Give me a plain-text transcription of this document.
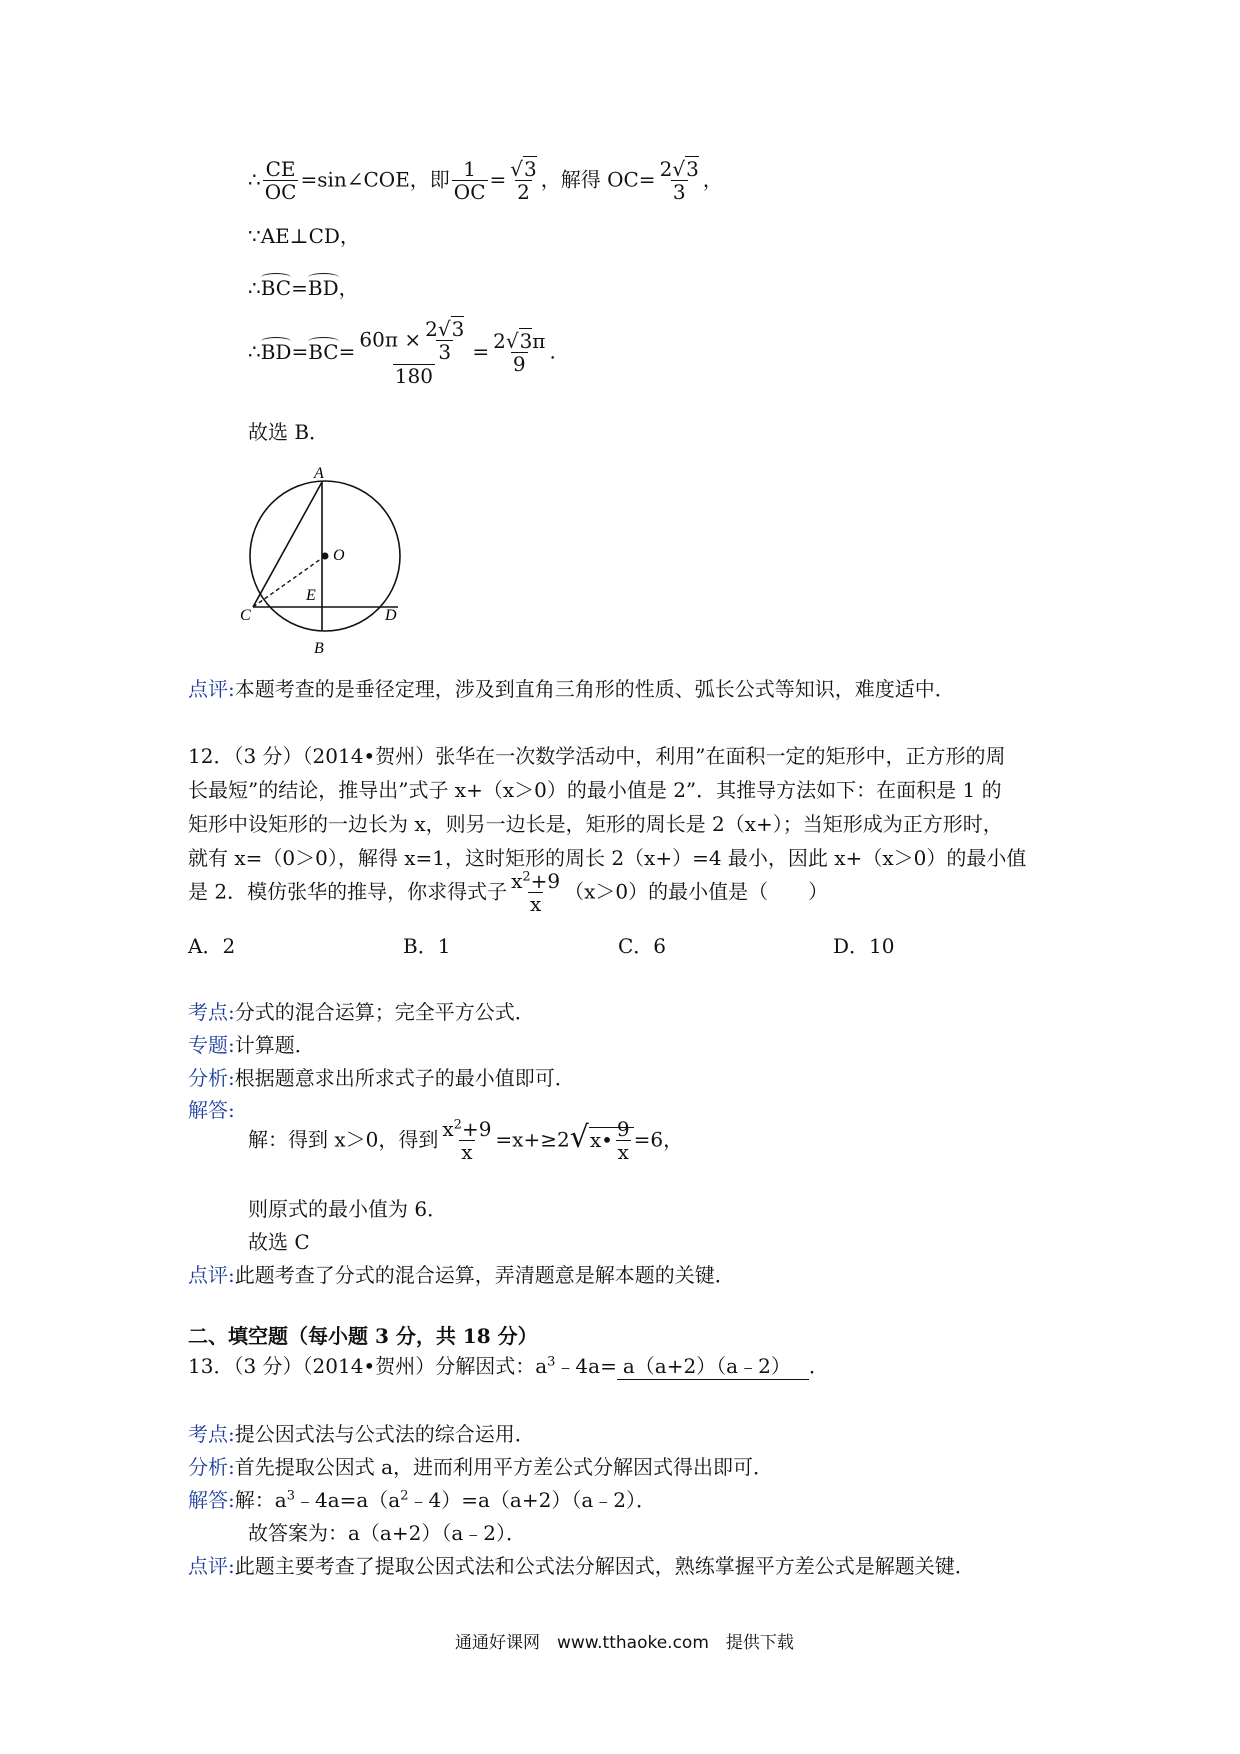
∴ $\frac{CE}{OC}$ =sin∠COE，即 $\frac{1}{OC} = \frac{√3}{2}$ ，解得 $OC= \frac{2√3}{3}$ ，
∵AE⊥CD，
∴BC=BD，
∴BD=BC= $\frac{60\pi \times \frac{2√3}{3}}{180} = \frac{2√3\pi}{9}$ .
故选 B．
A
O
E
C	D
B
点评:本题考查的是垂径定理，涉及到直角三角形的性质、弧长公式等知识，难度适中．
12．（3 分）（2014•贺州）张华在一次数学活动中，利用”在面积一定的矩形中，正方形的周
长最短”的结论，推导出”式子 x+（x＞0）的最小值是 2”．其推导方法如下：在面积是 1 的
矩形中设矩形的一边长为 x，则另一边长是，矩形的周长是 2（x+）；当矩形成为正方形时，
就有 x=（0＞0），解得 x=1，这时矩形的周长 2（x+）=4 最小，因此 x+（x＞0）的最小值
是 2．模仿张华的推导，你求得式子 $\frac{x^2+9}{x} (x>0)$的最小值是（　　）
A．2	B．1	C．6	D．10
考点:分式的混合运算；完全平方公式．
专题:计算题．
分析:根据题意求出所求式子的最小值即可．
解答:
解：得到 x＞0，得到 $\frac{x^2+9}{x}$ =x+≥2√x• $\frac{9}{x} =6$，
则原式的最小值为 6．
故选 C
点评:此题考查了分式的混合运算，弄清题意是解本题的关键．
二、填空题（每小题 3 分，共 18 分）
13．（3 分）（2014•贺州）分解因式：$a^3﹣4a=$ a（a+2）（a﹣2） ．
考点:提公因式法与公式法的综合运用．
分析:首先提取公因式 a，进而利用平方差公式分解因式得出即可．
解答:解：$a^3﹣4a=a(a^2﹣4)=a(a+2)(a﹣2)$．
故答案为：a（a+2）（a﹣2）．
点评:此题主要考查了提取公因式法和公式法分解因式，熟练掌握平方差公式是解题关键．
通通好课网　www.tthaoke.com　提供下载
